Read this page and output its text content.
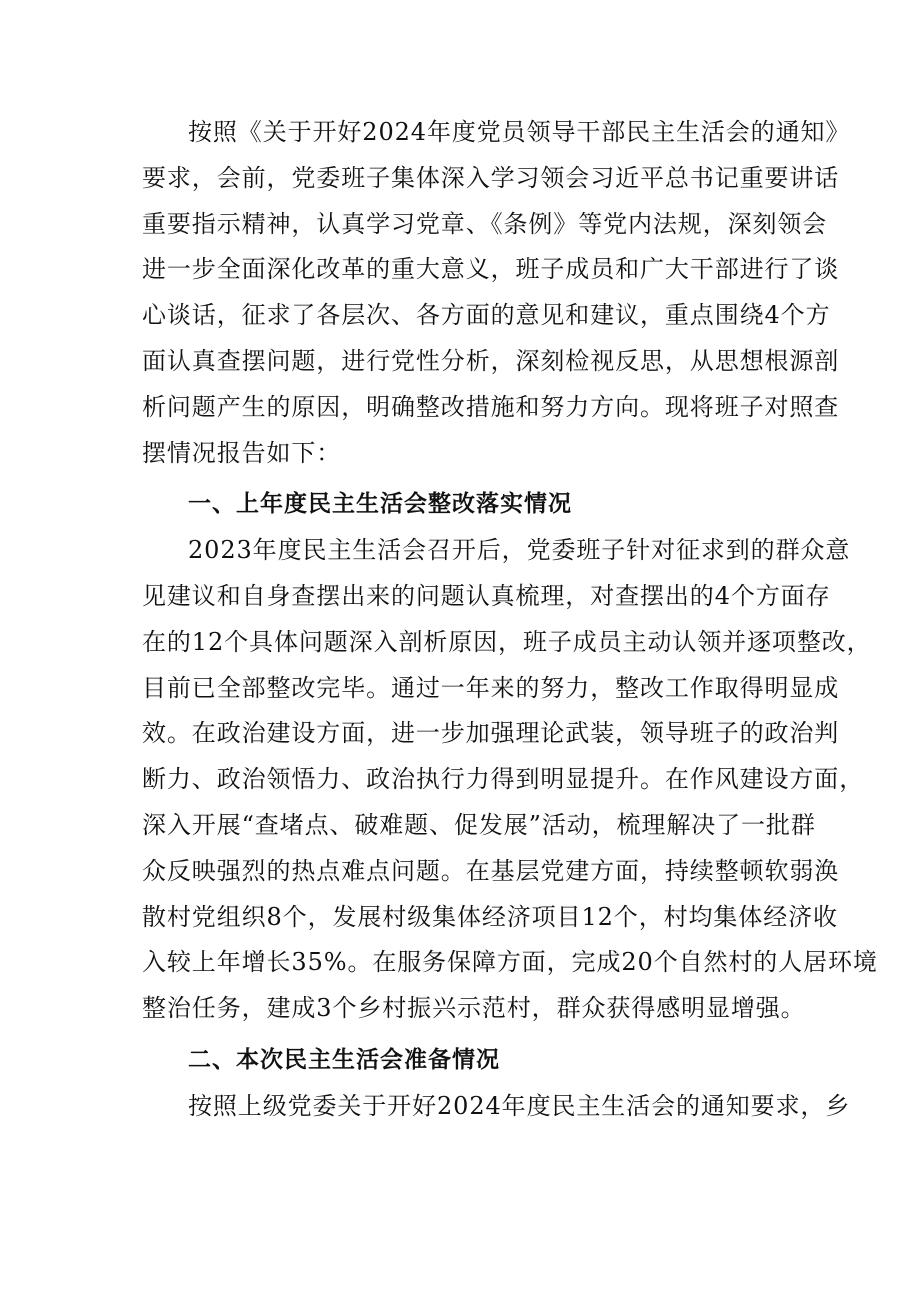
按照《关于开好2024年度党员领导干部民主生活会的通知》
要求，会前，党委班子集体深入学习领会习近平总书记重要讲话
重要指示精神，认真学习党章、《条例》等党内法规，深刻领会
进一步全面深化改革的重大意义，班子成员和广大干部进行了谈
心谈话，征求了各层次、各方面的意见和建议，重点围绕4个方
面认真查摆问题，进行党性分析，深刻检视反思，从思想根源剖
析问题产生的原因，明确整改措施和努力方向。现将班子对照查
摆情况报告如下：
一、上年度民主生活会整改落实情况
2023年度民主生活会召开后，党委班子针对征求到的群众意
见建议和自身查摆出来的问题认真梳理，对查摆出的4个方面存
在的12个具体问题深入剖析原因，班子成员主动认领并逐项整改，
目前已全部整改完毕。通过一年来的努力，整改工作取得明显成
效。在政治建设方面，进一步加强理论武装，领导班子的政治判
断力、政治领悟力、政治执行力得到明显提升。在作风建设方面，
深入开展“查堵点、破难题、促发展”活动，梳理解决了一批群
众反映强烈的热点难点问题。在基层党建方面，持续整顿软弱涣
散村党组织8个，发展村级集体经济项目12个，村均集体经济收
入较上年增长35%。在服务保障方面，完成20个自然村的人居环境
整治任务，建成3个乡村振兴示范村，群众获得感明显增强。
二、本次民主生活会准备情况
按照上级党委关于开好2024年度民主生活会的通知要求，乡
